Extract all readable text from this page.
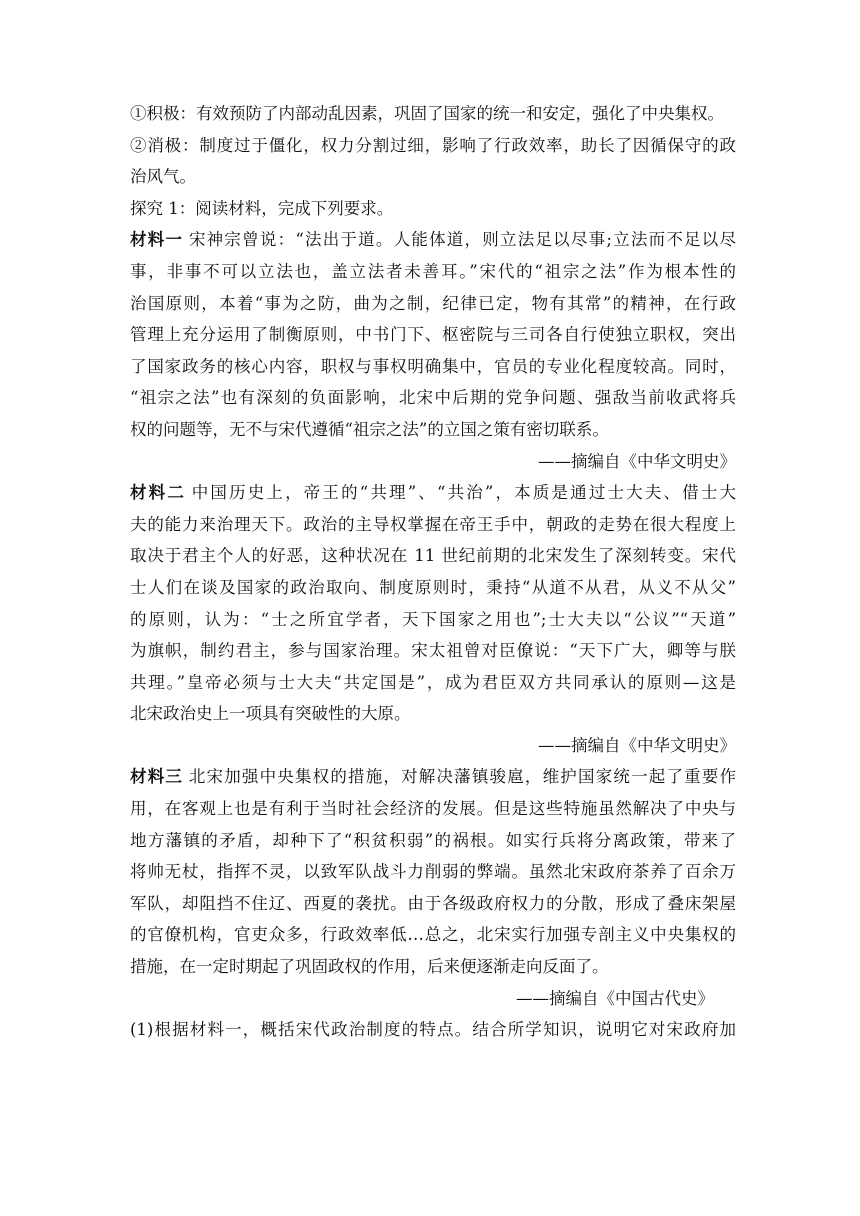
①积极：有效预防了内部动乱因素，巩固了国家的统一和安定，强化了中央集权。
②消极：制度过于僵化，权力分割过细，影响了行政效率，助长了因循保守的政
治风气。
探究 1：阅读材料，完成下列要求。
材料一 宋神宗曾说：“法出于道。人能体道，则立法足以尽事;立法而不足以尽
事，非事不可以立法也，盖立法者未善耳。”宋代的“祖宗之法”作为根本性的
治国原则，本着“事为之防，曲为之制，纪律已定，物有其常”的精神，在行政
管理上充分运用了制衡原则，中书门下、枢密院与三司各自行使独立职权，突出
了国家政务的核心内容，职权与事权明确集中，官员的专业化程度较高。同时，
“祖宗之法”也有深刻的负面影响，北宋中后期的党争问题、强敌当前收武将兵
权的问题等，无不与宋代遵循“祖宗之法”的立国之策有密切联系。
——摘编自《中华文明史》
材料二 中国历史上，帝王的“共理”、“共治”，本质是通过士大夫、借士大
夫的能力来治理天下。政治的主导权掌握在帝王手中，朝政的走势在很大程度上
取决于君主个人的好恶，这种状况在 11 世纪前期的北宋发生了深刻转变。宋代
士人们在谈及国家的政治取向、制度原则时，秉持“从道不从君，从义不从父”
的原则，认为：“士之所宜学者，天下国家之用也”;士大夫以“公议”“天道”
为旗帜，制约君主，参与国家治理。宋太祖曾对臣僚说：“天下广大，卿等与朕
共理。”皇帝必须与士大夫“共定国是”，成为君臣双方共同承认的原则—这是
北宋政治史上一项具有突破性的大原。
——摘编自《中华文明史》
材料三 北宋加强中央集权的措施，对解决藩镇骏扈，维护国家统一起了重要作
用，在客观上也是有利于当时社会经济的发展。但是这些特施虽然解决了中央与
地方藩镇的矛盾，却种下了“积贫积弱”的祸根。如实行兵将分离政策，带来了
将帅无杖，指挥不灵，以致军队战斗力削弱的弊端。虽然北宋政府茶养了百余万
军队，却阻挡不住辽、西夏的袭扰。由于各级政府权力的分散，形成了叠床架屋
的官僚机构，官吏众多，行政效率低…总之，北宋实行加强专剖主义中央集权的
措施，在一定时期起了巩固政权的作用，后来便逐渐走向反面了。
——摘编自《中国古代史》
(1)根据材料一，概括宋代政治制度的特点。结合所学知识，说明它对宋政府加
